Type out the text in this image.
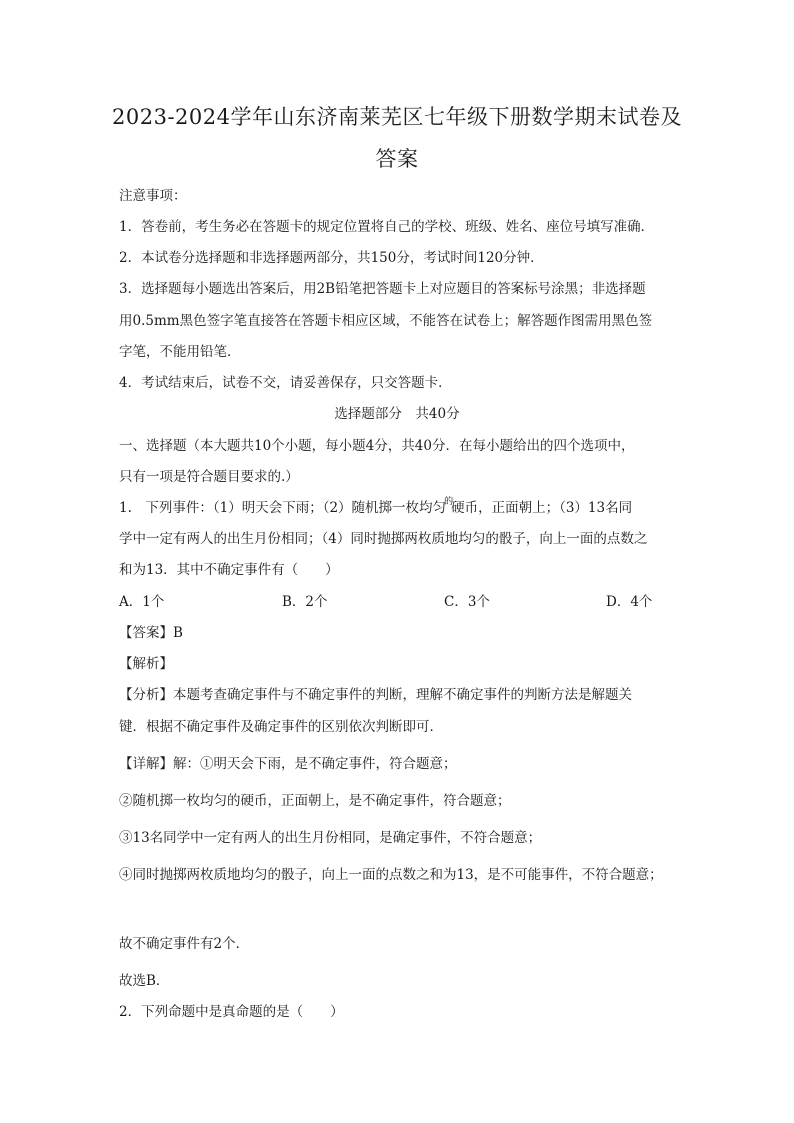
2023-2024学年山东济南莱芜区七年级下册数学期末试卷及
答案
注意事项：
1．答卷前，考生务必在答题卡的规定位置将自己的学校、班级、姓名、座位号填写准确．
2．本试卷分选择题和非选择题两部分，共150分，考试时间120分钟．
3．选择题每小题选出答案后，用2B铅笔把答题卡上对应题目的答案标号涂黑；非选择题
用0.5mm黑色签字笔直接答在答题卡相应区域，不能答在试卷上；解答题作图需用黑色签
字笔，不能用铅笔．
4．考试结束后，试卷不交，请妥善保存，只交答题卡．
选择题部分　共40分
一、选择题（本大题共10个小题，每小题4分，共40分．在每小题给出的四个选项中，
只有一项是符合题目要求的.）
1.　下列事件：（1）明天会下雨；（2）随机掷一枚均匀$^的$硬币，正面朝上；（3）13名同
学中一定有两人的出生月份相同；（4）同时抛掷两枚质地均匀的骰子，向上一面的点数之
和为13．其中不确定事件有（　　）
A．1个	B．2个	C．3个	D．4个
【答案】B
【解析】
【分析】本题考查确定事件与不确定事件的判断，理解不确定事件的判断方法是解题关
键．根据不确定事件及确定事件的区别依次判断即可．
【详解】解：①明天会下雨，是不确定事件，符合题意；
②随机掷一枚均匀的硬币，正面朝上，是不确定事件，符合题意；
③13名同学中一定有两人的出生月份相同，是确定事件，不符合题意；
④同时抛掷两枚质地均匀的骰子，向上一面的点数之和为13，是不可能事件，不符合题意；
故不确定事件有2个．
故选B．
2．下列命题中是真命题的是（　　）
